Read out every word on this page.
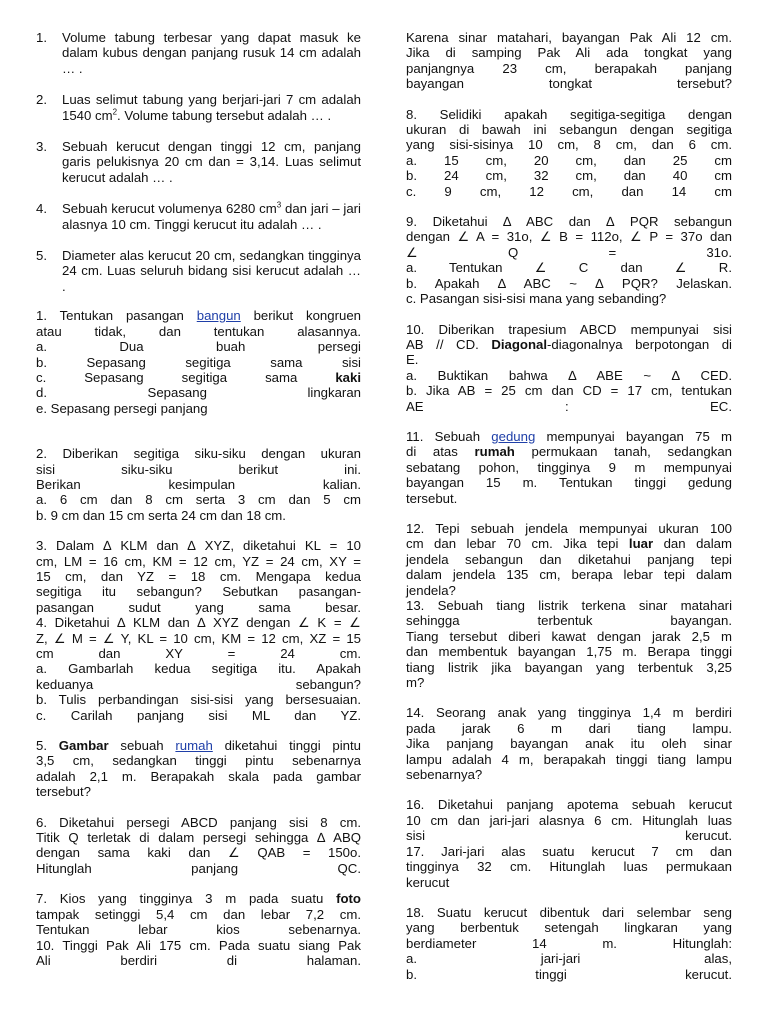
1.	Volume tabung terbesar yang dapat masuk ke dalam kubus dengan panjang rusuk 14 cm adalah … .
2.	Luas selimut tabung yang berjari-jari 7 cm adalah 1540 $cm^2$. Volume tabung tersebut adalah … .
3.	Sebuah kerucut dengan tinggi 12 cm, panjang garis pelukisnya 20 cm dan = 3,14. Luas selimut kerucut adalah … .
4.	Sebuah kerucut volumenya 6280 $cm^3$ dan jari – jari alasnya 10 cm. Tinggi kerucut itu adalah … .
5.	Diameter alas kerucut 20 cm, sedangkan tingginya 24 cm. Luas seluruh bidang sisi kerucut adalah … .
1. Tentukan pasangan bangun berikut kongruen
atau tidak, dan tentukan alasannya.
a. Dua buah persegi
b. Sepasang segitiga sama sisi
c. Sepasang segitiga sama	kaki
d. Sepasang lingkaran
e. Sepasang persegi panjang
2. Diberikan segitiga siku-siku dengan ukuran
sisi siku-siku berikut ini.
Berikan kesimpulan kalian.
a. 6 cm dan 8 cm serta 3 cm dan 5 cm
b. 9 cm dan 15 cm serta 24 cm dan 18 cm.
3. Dalam ∆ KLM dan ∆ XYZ, diketahui KL = 10
cm, LM = 16 cm, KM = 12 cm, YZ = 24 cm, XY =
15 cm, dan YZ = 18 cm. Mengapa kedua
segitiga itu sebangun? Sebutkan pasangan-
pasangan sudut yang sama besar.
4. Diketahui ∆ KLM dan ∆ XYZ dengan ∠ K = ∠
Z, ∠ M = ∠ Y, KL = 10 cm, KM = 12 cm, XZ = 15
cm dan XY = 24 cm.
a. Gambarlah kedua segitiga itu. Apakah
keduanya sebangun?
b. Tulis perbandingan sisi-sisi yang bersesuaian.
c. Carilah panjang sisi ML dan YZ.
5. Gambar sebuah rumah diketahui tinggi pintu
3,5 cm, sedangkan tinggi pintu sebenarnya
adalah 2,1 m. Berapakah skala pada gambar
tersebut?
6. Diketahui persegi ABCD panjang sisi 8 cm.
Titik Q terletak di dalam persegi sehingga ∆ ABQ
dengan sama kaki dan ∠ QAB = 150o.
Hitunglah panjang QC.
7. Kios yang tingginya 3 m pada suatu foto
tampak setinggi 5,4 cm dan lebar 7,2 cm.
Tentukan lebar kios sebenarnya.
10. Tinggi Pak Ali 175 cm. Pada suatu siang Pak
Ali berdiri di halaman.
Karena sinar matahari, bayangan Pak Ali 12 cm.
Jika di samping Pak Ali ada tongkat yang
panjangnya 23 cm, berapakah panjang
bayangan tongkat tersebut?
8. Selidiki apakah segitiga-segitiga dengan
ukuran di bawah ini sebangun dengan segitiga
yang sisi-sisinya 10 cm, 8 cm, dan 6 cm.
a. 15 cm, 20 cm, dan 25 cm
b. 24 cm, 32 cm, dan 40 cm
c. 9 cm, 12 cm, dan 14 cm
9. Diketahui ∆ ABC dan ∆ PQR sebangun
dengan ∠ A = 31o, ∠ B = 112o, ∠ P = 37o dan
∠ Q = 31o.
a. Tentukan ∠ C dan ∠ R.
b. Apakah ∆ ABC ~ ∆ PQR? Jelaskan.
c. Pasangan sisi-sisi mana yang sebanding?
10. Diberikan trapesium ABCD mempunyai sisi
AB // CD. Diagonal-diagonalnya berpotongan di
E.
a. Buktikan bahwa ∆ ABE ~ ∆ CED.
b. Jika AB = 25 cm dan CD = 17 cm, tentukan
AE : EC.
11. Sebuah gedung mempunyai bayangan 75 m
di atas rumah permukaan tanah, sedangkan
sebatang pohon, tingginya 9 m mempunyai
bayangan 15 m. Tentukan tinggi gedung
tersebut.
12. Tepi sebuah jendela mempunyai ukuran 100
cm dan lebar 70 cm. Jika tepi luar dan dalam
jendela sebangun dan diketahui panjang tepi
dalam jendela 135 cm, berapa lebar tepi dalam
jendela?
13. Sebuah tiang listrik terkena sinar matahari
sehingga terbentuk bayangan.
Tiang tersebut diberi kawat dengan jarak 2,5 m
dan membentuk bayangan 1,75 m. Berapa tinggi
tiang listrik jika bayangan yang terbentuk 3,25
m?
14. Seorang anak yang tingginya 1,4 m berdiri
pada jarak 6 m dari tiang lampu.
Jika panjang bayangan anak itu oleh sinar
lampu adalah 4 m, berapakah tinggi tiang lampu
sebenarnya?
16. Diketahui panjang apotema sebuah kerucut
10 cm dan jari-jari alasnya 6 cm. Hitunglah luas
sisi kerucut.
17. Jari-jari alas suatu kerucut 7 cm dan
tingginya 32 cm. Hitunglah luas permukaan
kerucut
18. Suatu kerucut dibentuk dari selembar seng
yang berbentuk setengah lingkaran yang
berdiameter 14 m. Hitunglah:
a. jari-jari alas,
b. tinggi kerucut.
